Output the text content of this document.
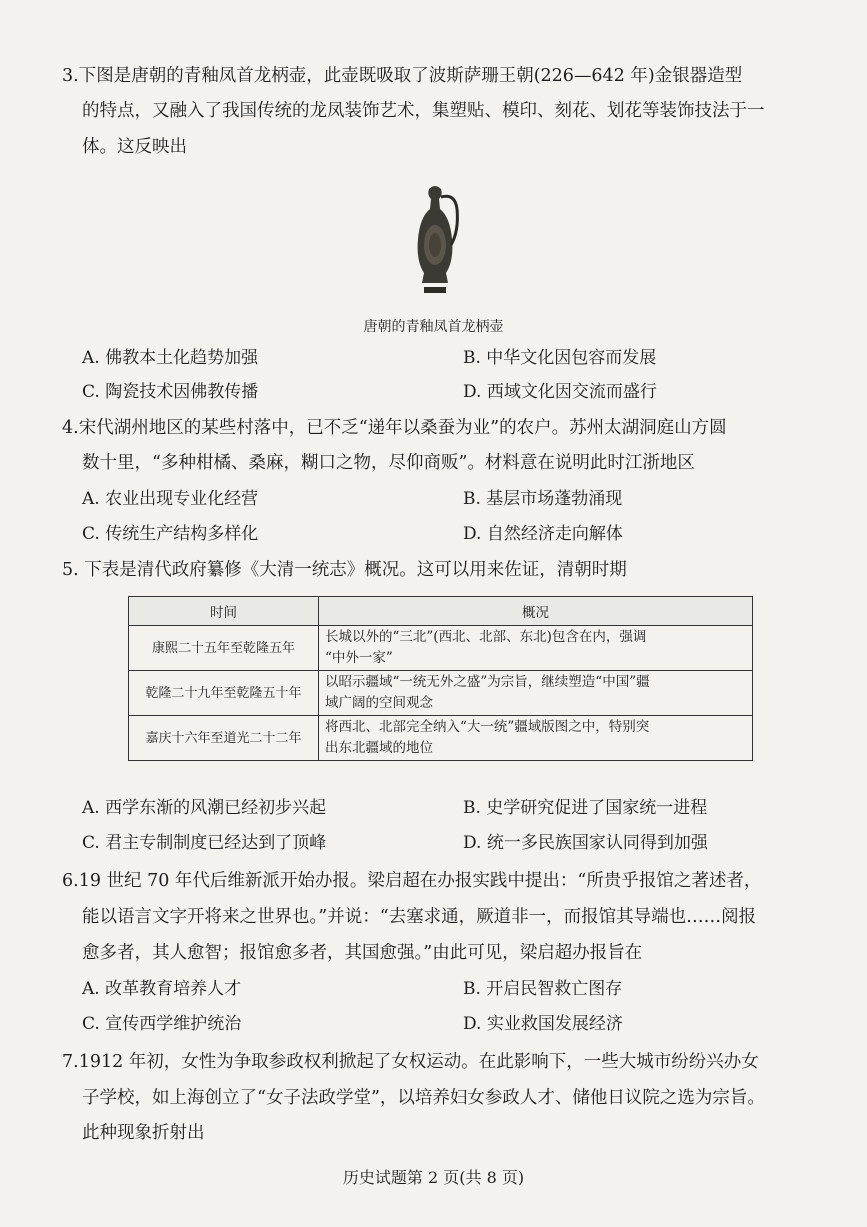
3.下图是唐朝的青釉凤首龙柄壶，此壶既吸取了波斯萨珊王朝(226—642 年)金银器造型
的特点，又融入了我国传统的龙凤装饰艺术，集塑贴、模印、刻花、划花等装饰技法于一
体。这反映出
唐朝的青釉凤首龙柄壶
A. 佛教本土化趋势加强	B. 中华文化因包容而发展
C. 陶瓷技术因佛教传播	D. 西域文化因交流而盛行
4.宋代湖州地区的某些村落中，已不乏“递年以桑蚕为业”的农户。苏州太湖洞庭山方圆
数十里，“多种柑橘、桑麻，糊口之物，尽仰商贩”。材料意在说明此时江浙地区
A. 农业出现专业化经营	B. 基层市场蓬勃涌现
C. 传统生产结构多样化	D. 自然经济走向解体
5. 下表是清代政府纂修《大清一统志》概况。这可以用来佐证，清朝时期
时间	概况
康熙二十五年至乾隆五年	长城以外的“三北”(西北、北部、东北)包含在内，强调
“中外一家”
乾隆二十九年至乾隆五十年	以昭示疆域“一统无外之盛”为宗旨，继续塑造“中国”疆
域广阔的空间观念
嘉庆十六年至道光二十二年	将西北、北部完全纳入“大一统”疆域版图之中，特别突
出东北疆域的地位
A. 西学东渐的风潮已经初步兴起	B. 史学研究促进了国家统一进程
C. 君主专制制度已经达到了顶峰	D. 统一多民族国家认同得到加强
6.19 世纪 70 年代后维新派开始办报。梁启超在办报实践中提出：“所贵乎报馆之著述者，
能以语言文字开将来之世界也。”并说：“去塞求通，厥道非一，而报馆其导端也……阅报
愈多者，其人愈智；报馆愈多者，其国愈强。”由此可见，梁启超办报旨在
A. 改革教育培养人才	B. 开启民智救亡图存
C. 宣传西学维护统治	D. 实业救国发展经济
7.1912 年初，女性为争取参政权利掀起了女权运动。在此影响下，一些大城市纷纷兴办女
子学校，如上海创立了“女子法政学堂”，以培养妇女参政人才、储他日议院之选为宗旨。
此种现象折射出
历史试题第 2 页(共 8 页)
